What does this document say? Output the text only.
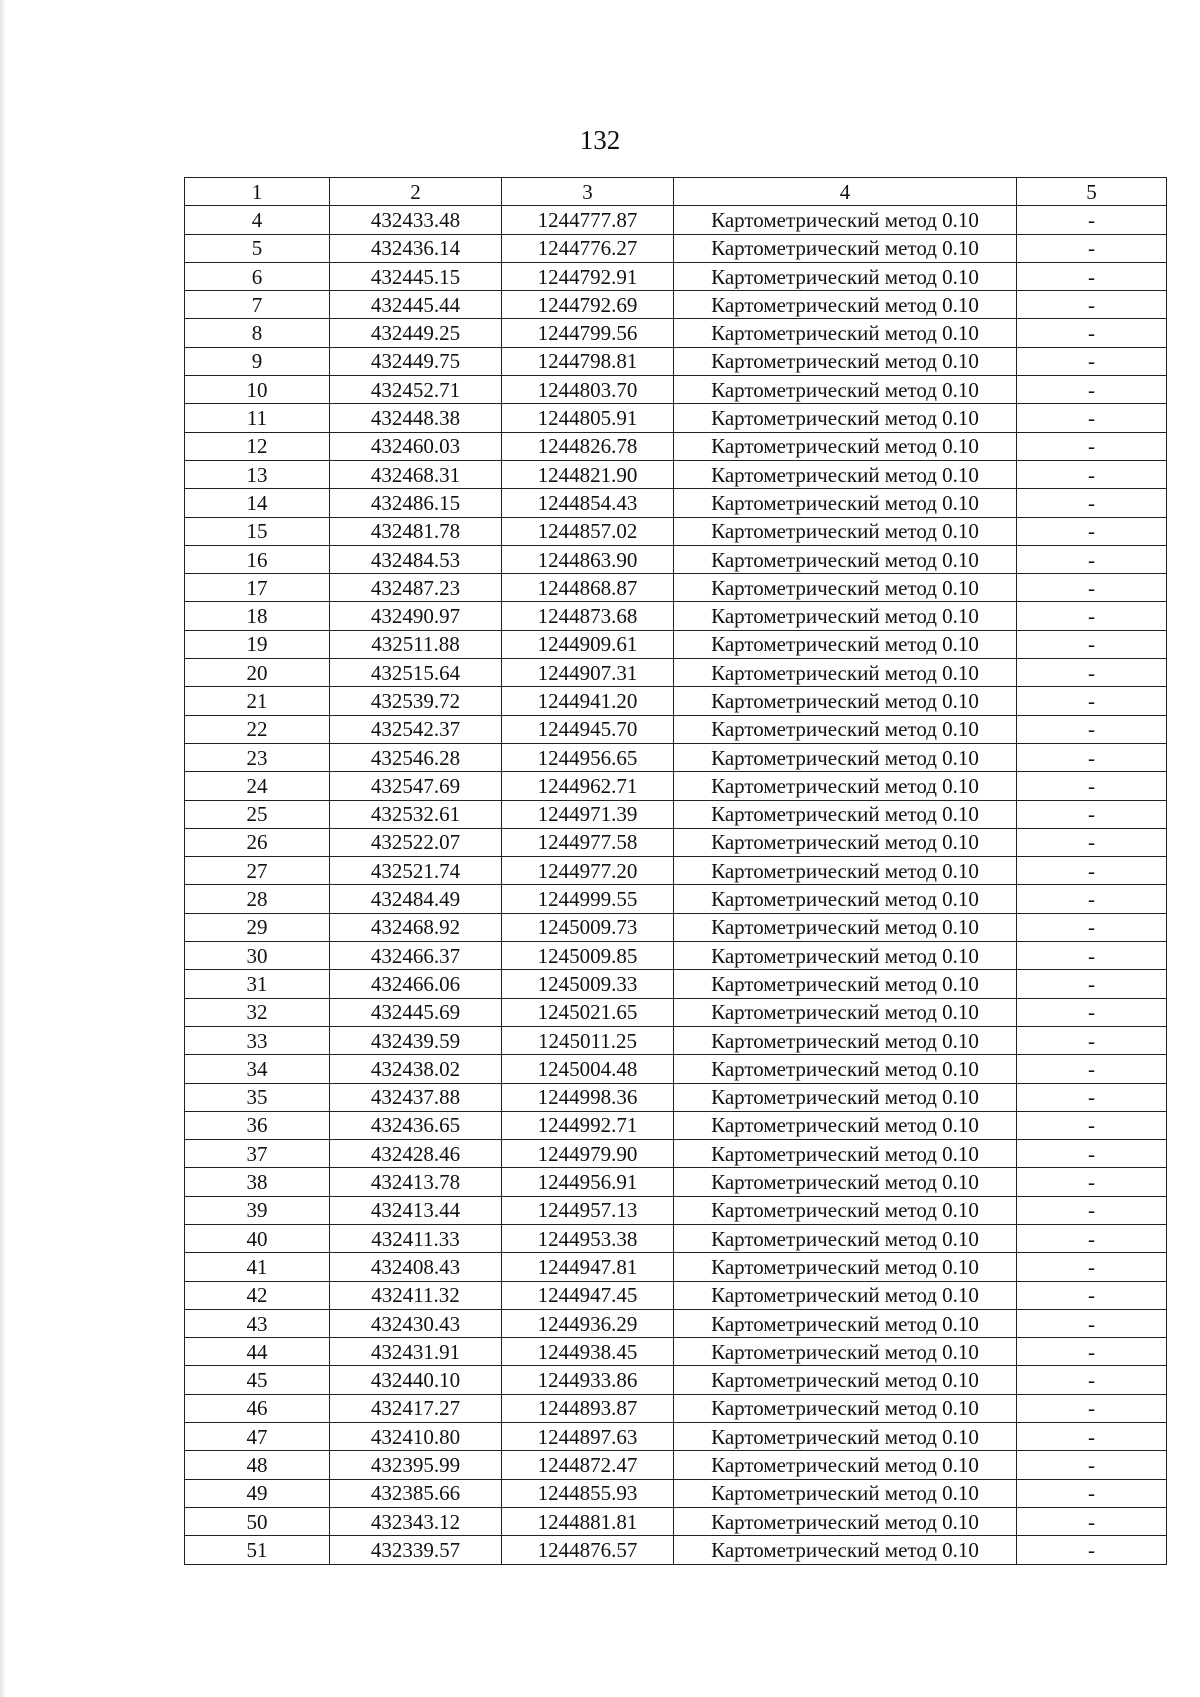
132
1	2	3	4	5
4	432433.48	1244777.87	Картометрический метод 0.10	-
5	432436.14	1244776.27	Картометрический метод 0.10	-
6	432445.15	1244792.91	Картометрический метод 0.10	-
7	432445.44	1244792.69	Картометрический метод 0.10	-
8	432449.25	1244799.56	Картометрический метод 0.10	-
9	432449.75	1244798.81	Картометрический метод 0.10	-
10	432452.71	1244803.70	Картометрический метод 0.10	-
11	432448.38	1244805.91	Картометрический метод 0.10	-
12	432460.03	1244826.78	Картометрический метод 0.10	-
13	432468.31	1244821.90	Картометрический метод 0.10	-
14	432486.15	1244854.43	Картометрический метод 0.10	-
15	432481.78	1244857.02	Картометрический метод 0.10	-
16	432484.53	1244863.90	Картометрический метод 0.10	-
17	432487.23	1244868.87	Картометрический метод 0.10	-
18	432490.97	1244873.68	Картометрический метод 0.10	-
19	432511.88	1244909.61	Картометрический метод 0.10	-
20	432515.64	1244907.31	Картометрический метод 0.10	-
21	432539.72	1244941.20	Картометрический метод 0.10	-
22	432542.37	1244945.70	Картометрический метод 0.10	-
23	432546.28	1244956.65	Картометрический метод 0.10	-
24	432547.69	1244962.71	Картометрический метод 0.10	-
25	432532.61	1244971.39	Картометрический метод 0.10	-
26	432522.07	1244977.58	Картометрический метод 0.10	-
27	432521.74	1244977.20	Картометрический метод 0.10	-
28	432484.49	1244999.55	Картометрический метод 0.10	-
29	432468.92	1245009.73	Картометрический метод 0.10	-
30	432466.37	1245009.85	Картометрический метод 0.10	-
31	432466.06	1245009.33	Картометрический метод 0.10	-
32	432445.69	1245021.65	Картометрический метод 0.10	-
33	432439.59	1245011.25	Картометрический метод 0.10	-
34	432438.02	1245004.48	Картометрический метод 0.10	-
35	432437.88	1244998.36	Картометрический метод 0.10	-
36	432436.65	1244992.71	Картометрический метод 0.10	-
37	432428.46	1244979.90	Картометрический метод 0.10	-
38	432413.78	1244956.91	Картометрический метод 0.10	-
39	432413.44	1244957.13	Картометрический метод 0.10	-
40	432411.33	1244953.38	Картометрический метод 0.10	-
41	432408.43	1244947.81	Картометрический метод 0.10	-
42	432411.32	1244947.45	Картометрический метод 0.10	-
43	432430.43	1244936.29	Картометрический метод 0.10	-
44	432431.91	1244938.45	Картометрический метод 0.10	-
45	432440.10	1244933.86	Картометрический метод 0.10	-
46	432417.27	1244893.87	Картометрический метод 0.10	-
47	432410.80	1244897.63	Картометрический метод 0.10	-
48	432395.99	1244872.47	Картометрический метод 0.10	-
49	432385.66	1244855.93	Картометрический метод 0.10	-
50	432343.12	1244881.81	Картометрический метод 0.10	-
51	432339.57	1244876.57	Картометрический метод 0.10	-
